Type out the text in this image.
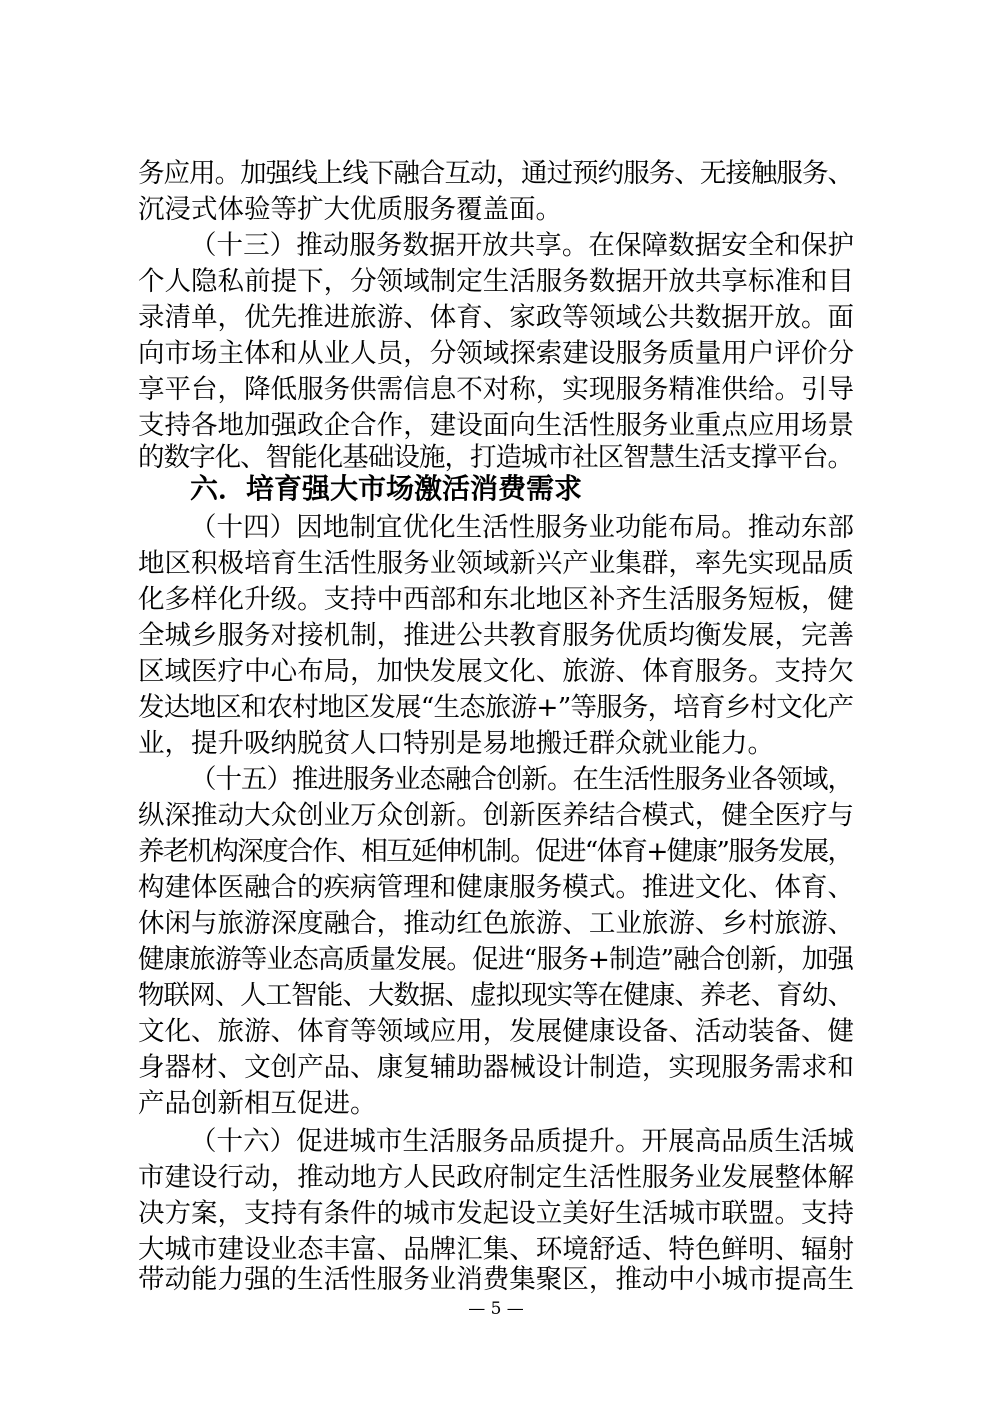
务应用。加强线上线下融合互动，通过预约服务、无接触服务、
沉浸式体验等扩大优质服务覆盖面。
（十三）推动服务数据开放共享。在保障数据安全和保护
个人隐私前提下，分领域制定生活服务数据开放共享标准和目
录清单，优先推进旅游、体育、家政等领域公共数据开放。面
向市场主体和从业人员，分领域探索建设服务质量用户评价分
享平台，降低服务供需信息不对称，实现服务精准供给。引导
支持各地加强政企合作，建设面向生活性服务业重点应用场景
的数字化、智能化基础设施，打造城市社区智慧生活支撑平台。
六．培育强大市场激活消费需求
（十四）因地制宜优化生活性服务业功能布局。推动东部
地区积极培育生活性服务业领域新兴产业集群，率先实现品质
化多样化升级。支持中西部和东北地区补齐生活服务短板，健
全城乡服务对接机制，推进公共教育服务优质均衡发展，完善
区域医疗中心布局，加快发展文化、旅游、体育服务。支持欠
发达地区和农村地区发展“生态旅游+”等服务，培育乡村文化产
业，提升吸纳脱贫人口特别是易地搬迁群众就业能力。
（十五）推进服务业态融合创新。在生活性服务业各领域，
纵深推动大众创业万众创新。创新医养结合模式，健全医疗与
养老机构深度合作、相互延伸机制。促进“体育+健康”服务发展，
构建体医融合的疾病管理和健康服务模式。推进文化、体育、
休闲与旅游深度融合，推动红色旅游、工业旅游、乡村旅游、
健康旅游等业态高质量发展。促进“服务+制造”融合创新，加强
物联网、人工智能、大数据、虚拟现实等在健康、养老、育幼、
文化、旅游、体育等领域应用，发展健康设备、活动装备、健
身器材、文创产品、康复辅助器械设计制造，实现服务需求和
产品创新相互促进。
（十六）促进城市生活服务品质提升。开展高品质生活城
市建设行动，推动地方人民政府制定生活性服务业发展整体解
决方案，支持有条件的城市发起设立美好生活城市联盟。支持
大城市建设业态丰富、品牌汇集、环境舒适、特色鲜明、辐射
带动能力强的生活性服务业消费集聚区，推动中小城市提高生
— 5 —
